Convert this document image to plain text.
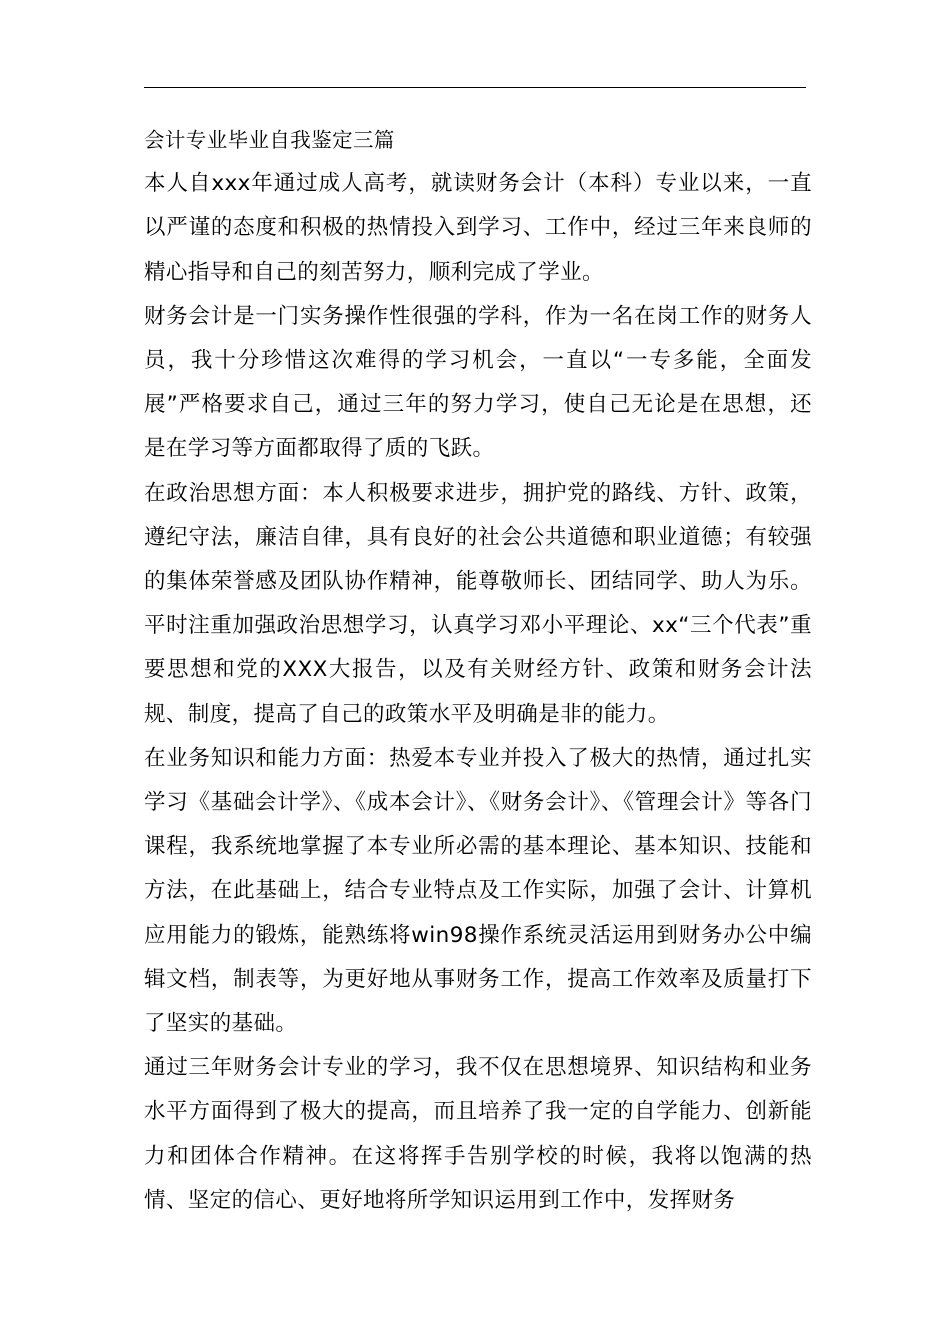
会计专业毕业自我鉴定三篇

本人自xxx年通过成人高考，就读财务会计（本科）专业以来，一直以严谨的态度和积极的热情投入到学习、工作中，经过三年来良师的精心指导和自己的刻苦努力，顺利完成了学业。

财务会计是一门实务操作性很强的学科，作为一名在岗工作的财务人员，我十分珍惜这次难得的学习机会，一直以“一专多能，全面发展”严格要求自己，通过三年的努力学习，使自己无论是在思想，还是在学习等方面都取得了质的飞跃。

在政治思想方面：本人积极要求进步，拥护党的路线、方针、政策，遵纪守法，廉洁自律，具有良好的社会公共道德和职业道德；有较强的集体荣誉感及团队协作精神，能尊敬师长、团结同学、助人为乐。平时注重加强政治思想学习，认真学习邓小平理论、xx“三个代表”重要思想和党的XXX大报告，以及有关财经方针、政策和财务会计法规、制度，提高了自己的政策水平及明确是非的能力。

在业务知识和能力方面：热爱本专业并投入了极大的热情，通过扎实学习《基础会计学》、《成本会计》、《财务会计》、《管理会计》等各门课程，我系统地掌握了本专业所必需的基本理论、基本知识、技能和方法，在此基础上，结合专业特点及工作实际，加强了会计、计算机应用能力的锻炼，能熟练将win98操作系统灵活运用到财务办公中编辑文档，制表等，为更好地从事财务工作，提高工作效率及质量打下了坚实的基础。

通过三年财务会计专业的学习，我不仅在思想境界、知识结构和业务水平方面得到了极大的提高，而且培养了我一定的自学能力、创新能力和团体合作精神。在这将挥手告别学校的时候，我将以饱满的热情、坚定的信心、更好地将所学知识运用到工作中，发挥财务
